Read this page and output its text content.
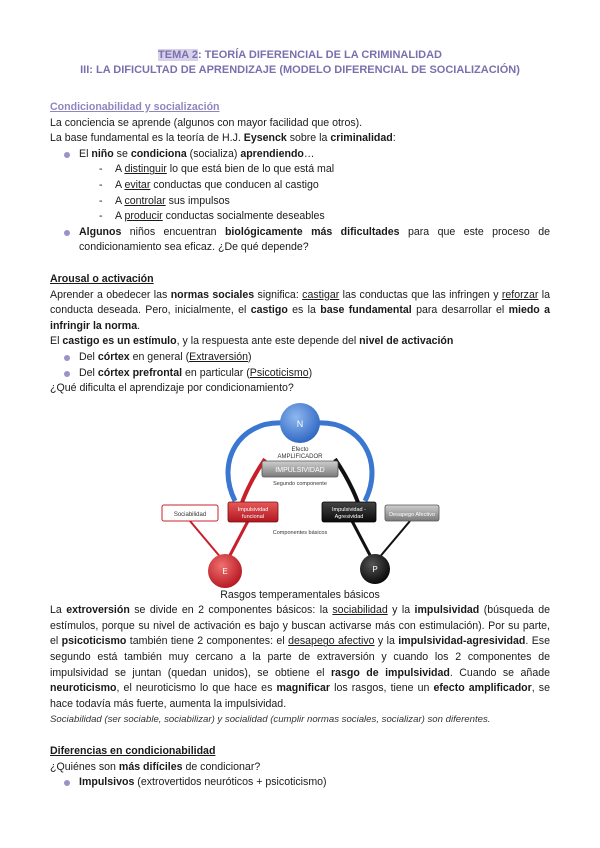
TEMA 2: TEORÍA DIFERENCIAL DE LA CRIMINALIDAD
III: LA DIFICULTAD DE APRENDIZAJE (MODELO DIFERENCIAL DE SOCIALIZACIÓN)
Condicionabilidad y socialización

La conciencia se aprende (algunos con mayor facilidad que otros).

La base fundamental es la teoría de H.J. Eysenck sobre la criminalidad:

El niño se condiciona (socializa) aprendiendo…
- A distinguir lo que está bien de lo que está mal
- A evitar conductas que conducen al castigo
- A controlar sus impulsos
- A producir conductas socialmente deseables
Algunos niños encuentran biológicamente más dificultades para que este proceso de condicionamiento sea eficaz. ¿De qué depende?
Arousal o activación

Aprender a obedecer las normas sociales significa: castigar las conductas que las infringen y reforzar la conducta deseada. Pero, inicialmente, el castigo es la base fundamental para desarrollar el miedo a infringir la norma.

El castigo es un estímulo, y la respuesta ante este depende del nivel de activación

Del córtex en general (Extraversión)
Del córtex prefrontal en particular (Psicoticismo)

¿Qué dificulta el aprendizaje por condicionamiento?

N
Efecto
AMPLIFICADOR
IMPULSIVIDAD
Segundo componente
Sociabilidad
Impulsividad
funcional
Impulsividad -
Agresividad	Desapego Afectivo
Componentes básicos
E	P
Rasgos temperamentales básicos

La extroversión se divide en 2 componentes básicos: la sociabilidad y la impulsividad (búsqueda de estímulos, porque su nivel de activación es bajo y buscan activarse más con estimulación). Por su parte, el psicoticismo también tiene 2 componentes: el desapego afectivo y la impulsividad-agresividad. Ese segundo está también muy cercano a la parte de extraversión y cuando los 2 componentes de impulsividad se juntan (quedan unidos), se obtiene el rasgo de impulsividad. Cuando se añade neuroticismo, el neuroticismo lo que hace es magnificar los rasgos, tiene un efecto amplificador, se hace todavía más fuerte, aumenta la impulsividad.

Sociabilidad (ser sociable, sociabilizar) y socialidad (cumplir normas sociales, socializar) son diferentes.

Diferencias en condicionabilidad

¿Quiénes son más difíciles de condicionar?

Impulsivos (extrovertidos neuróticos + psicoticismo)
